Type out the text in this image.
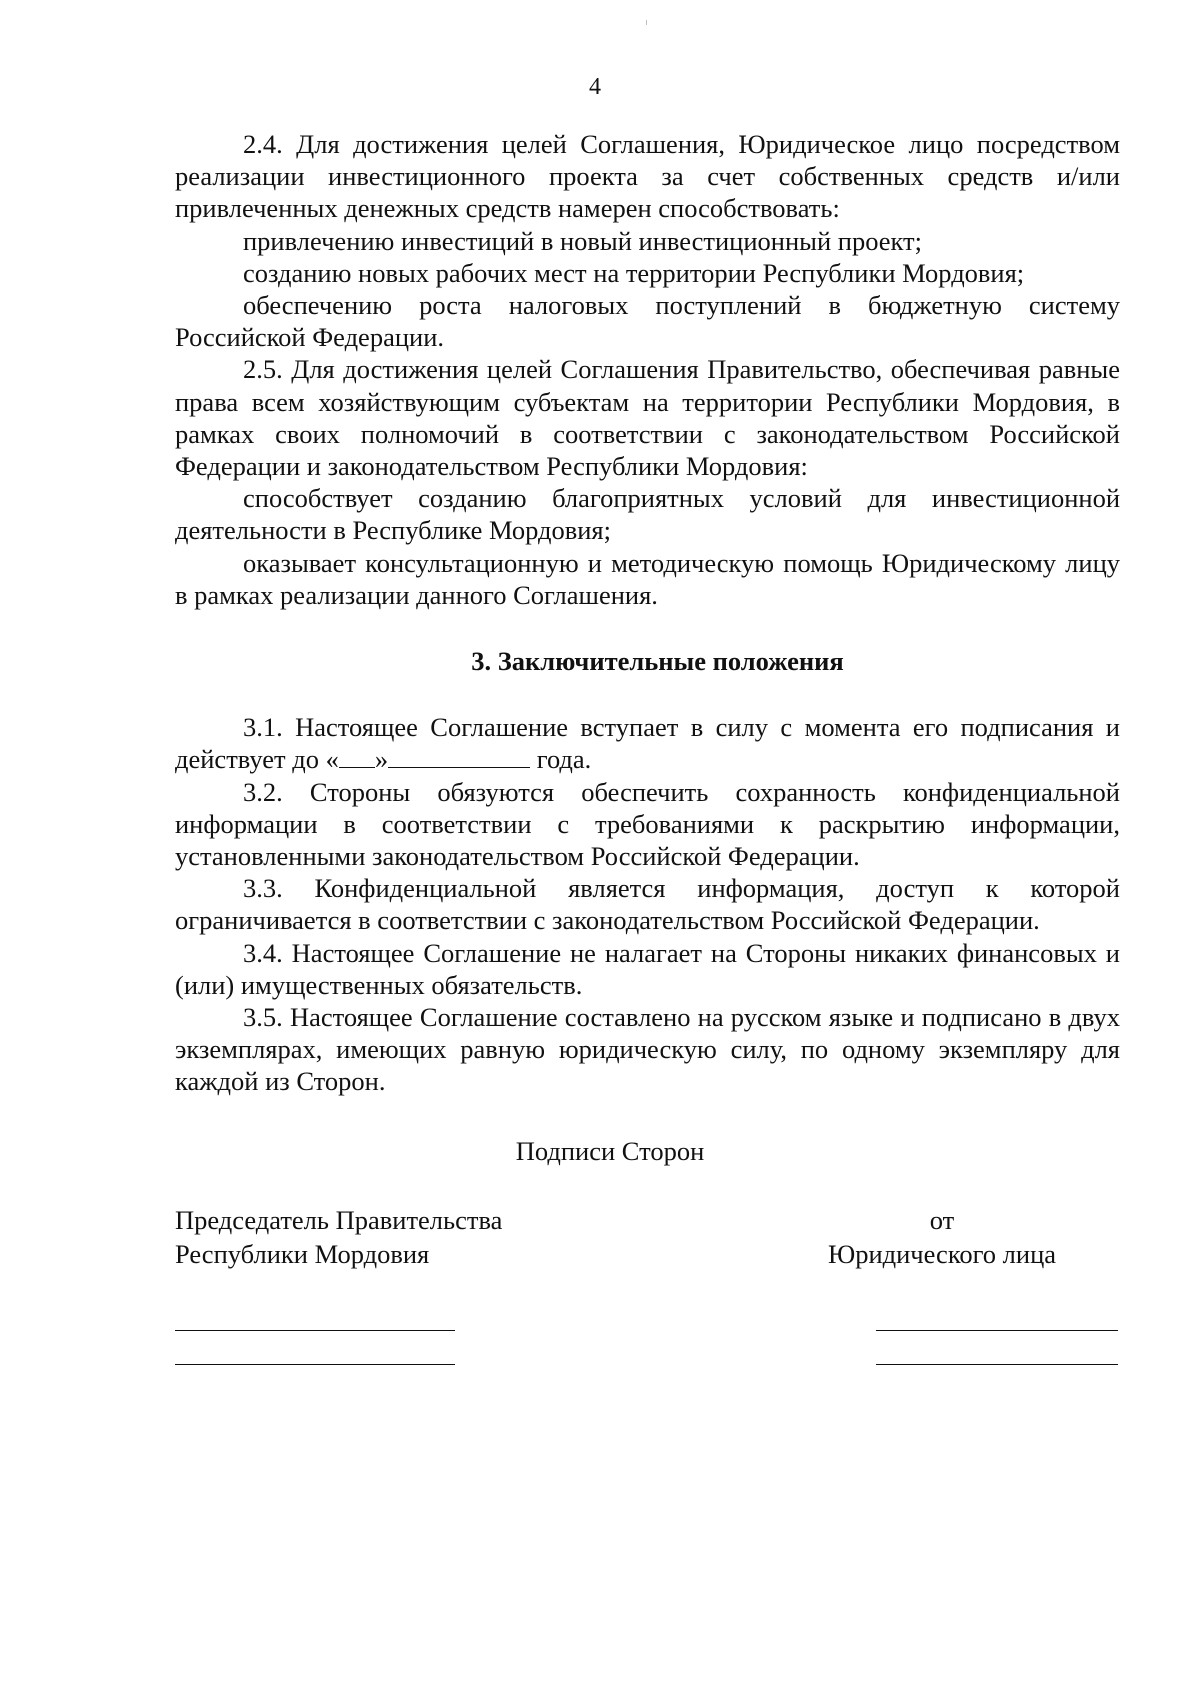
4

2.4. Для достижения целей Соглашения, Юридическое лицо посредством реализации инвестиционного проекта за счет собственных средств и/или привлеченных денежных средств намерен способствовать:

привлечению инвестиций в новый инвестиционный проект;

созданию новых рабочих мест на территории Республики Мордовия;

обеспечению роста налоговых поступлений в бюджетную систему Российской Федерации.

2.5. Для достижения целей Соглашения Правительство, обеспечивая равные права всем хозяйствующим субъектам на территории Республики Мордовия, в рамках своих полномочий в соответствии с законодательством Российской Федерации и законодательством Республики Мордовия:

способствует созданию благоприятных условий для инвестиционной деятельности в Республике Мордовия;

оказывает консультационную и методическую помощь Юридическому лицу в рамках реализации данного Соглашения.

3. Заключительные положения

3.1. Настоящее Соглашение вступает в силу с момента его подписания и действует до « »	года.

3.2. Стороны обязуются обеспечить сохранность конфиденциальной информации в соответствии с требованиями к раскрытию информации, установленными законодательством Российской Федерации.

3.3. Конфиденциальной является информация, доступ к которой ограничивается в соответствии с законодательством Российской Федерации.

3.4. Настоящее Соглашение не налагает на Стороны никаких финансовых и (или) имущественных обязательств.

3.5. Настоящее Соглашение составлено на русском языке и подписано в двух экземплярах, имеющих равную юридическую силу, по одному экземпляру для каждой из Сторон.

Подписи Сторон
Председатель Правительства
Республики Мордовия
от
Юридического лица
